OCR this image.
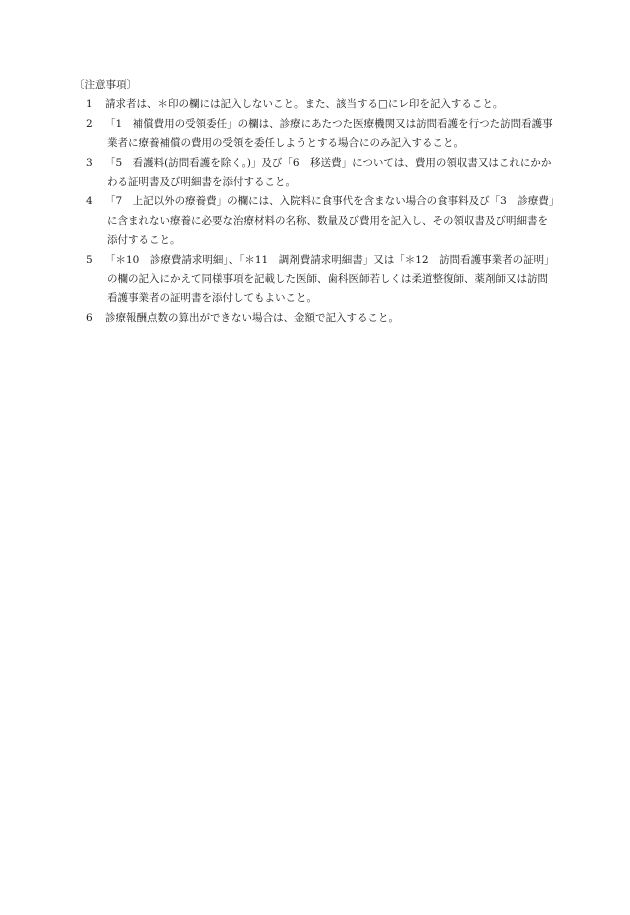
〔注意事項〕
1 請求者は、＊印の欄には記入しないこと。また、該当する□にレ印を記入すること。
2 「1　補償費用の受領委任」の欄は、診療にあたつた医療機関又は訪問看護を行つた訪問看護事業者に療養補償の費用の受領を委任しようとする場合にのみ記入すること。
3 「5　看護料(訪問看護を除く。)」及び「6　移送費」については、費用の領収書又はこれにかかわる証明書及び明細書を添付すること。
4 「7　上記以外の療養費」の欄には、入院料に食事代を含まない場合の食事料及び「3　診療費」に含まれない療養に必要な治療材料の名称、数量及び費用を記入し、その領収書及び明細書を添付すること。
5 「＊10　診療費請求明細」、「＊11　調剤費請求明細書」又は「＊12　訪問看護事業者の証明」の欄の記入にかえて同様事項を記載した医師、歯科医師若しくは柔道整復師、薬剤師又は訪問看護事業者の証明書を添付してもよいこと。
6 診療報酬点数の算出ができない場合は、金額で記入すること。
